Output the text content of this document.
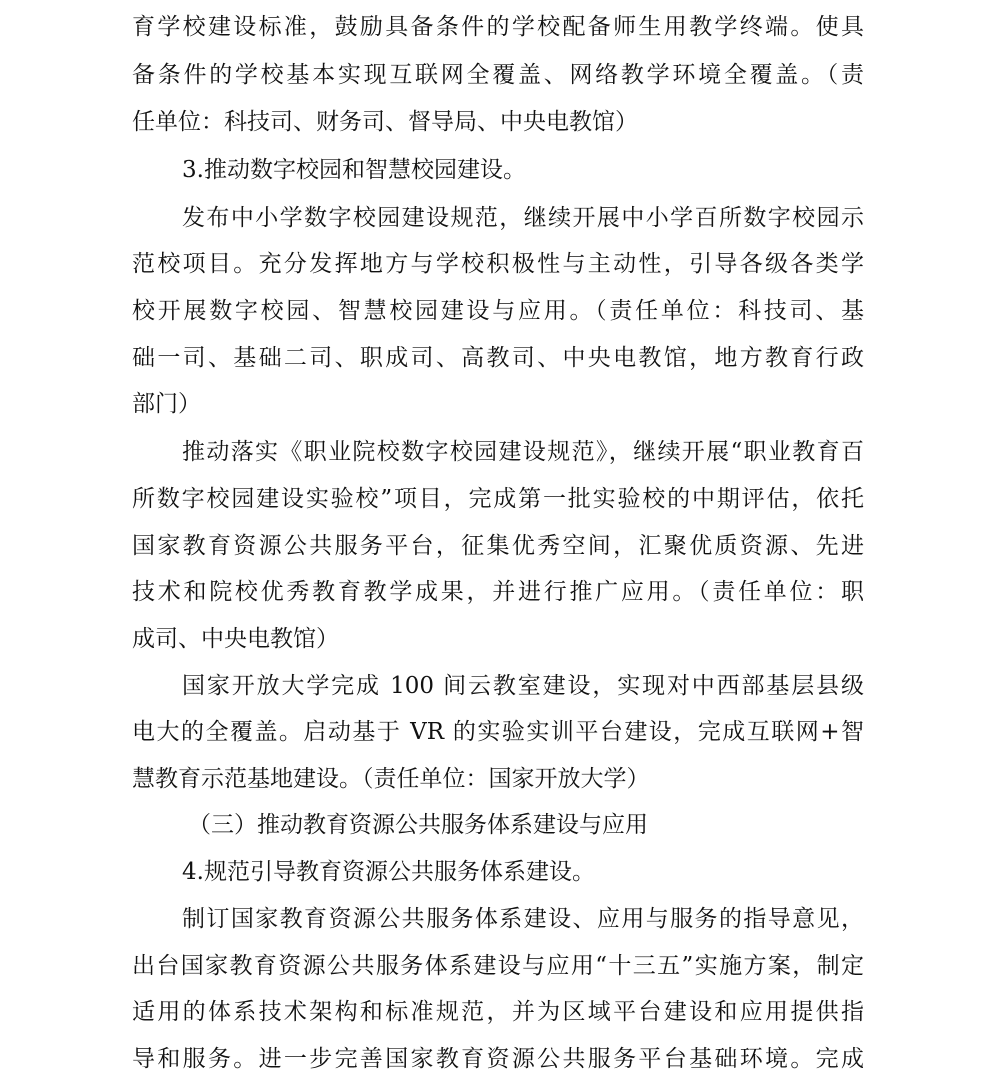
育学校建设标准，鼓励具备条件的学校配备师生用教学终端。使具
备条件的学校基本实现互联网全覆盖、网络教学环境全覆盖。（责
任单位：科技司、财务司、督导局、中央电教馆）
3.推动数字校园和智慧校园建设。
发布中小学数字校园建设规范，继续开展中小学百所数字校园示
范校项目。充分发挥地方与学校积极性与主动性，引导各级各类学
校开展数字校园、智慧校园建设与应用。（责任单位：科技司、基
础一司、基础二司、职成司、高教司、中央电教馆，地方教育行政
部门）
推动落实《职业院校数字校园建设规范》，继续开展“职业教育百
所数字校园建设实验校”项目，完成第一批实验校的中期评估，依托
国家教育资源公共服务平台，征集优秀空间，汇聚优质资源、先进
技术和院校优秀教育教学成果，并进行推广应用。（责任单位：职
成司、中央电教馆）
国家开放大学完成 100 间云教室建设，实现对中西部基层县级
电大的全覆盖。启动基于 VR 的实验实训平台建设，完成互联网+智
慧教育示范基地建设。（责任单位：国家开放大学）
（三）推动教育资源公共服务体系建设与应用
4.规范引导教育资源公共服务体系建设。
制订国家教育资源公共服务体系建设、应用与服务的指导意见，
出台国家教育资源公共服务体系建设与应用“十三五”实施方案，制定
适用的体系技术架构和标准规范，并为区域平台建设和应用提供指
导和服务。进一步完善国家教育资源公共服务平台基础环境。完成
